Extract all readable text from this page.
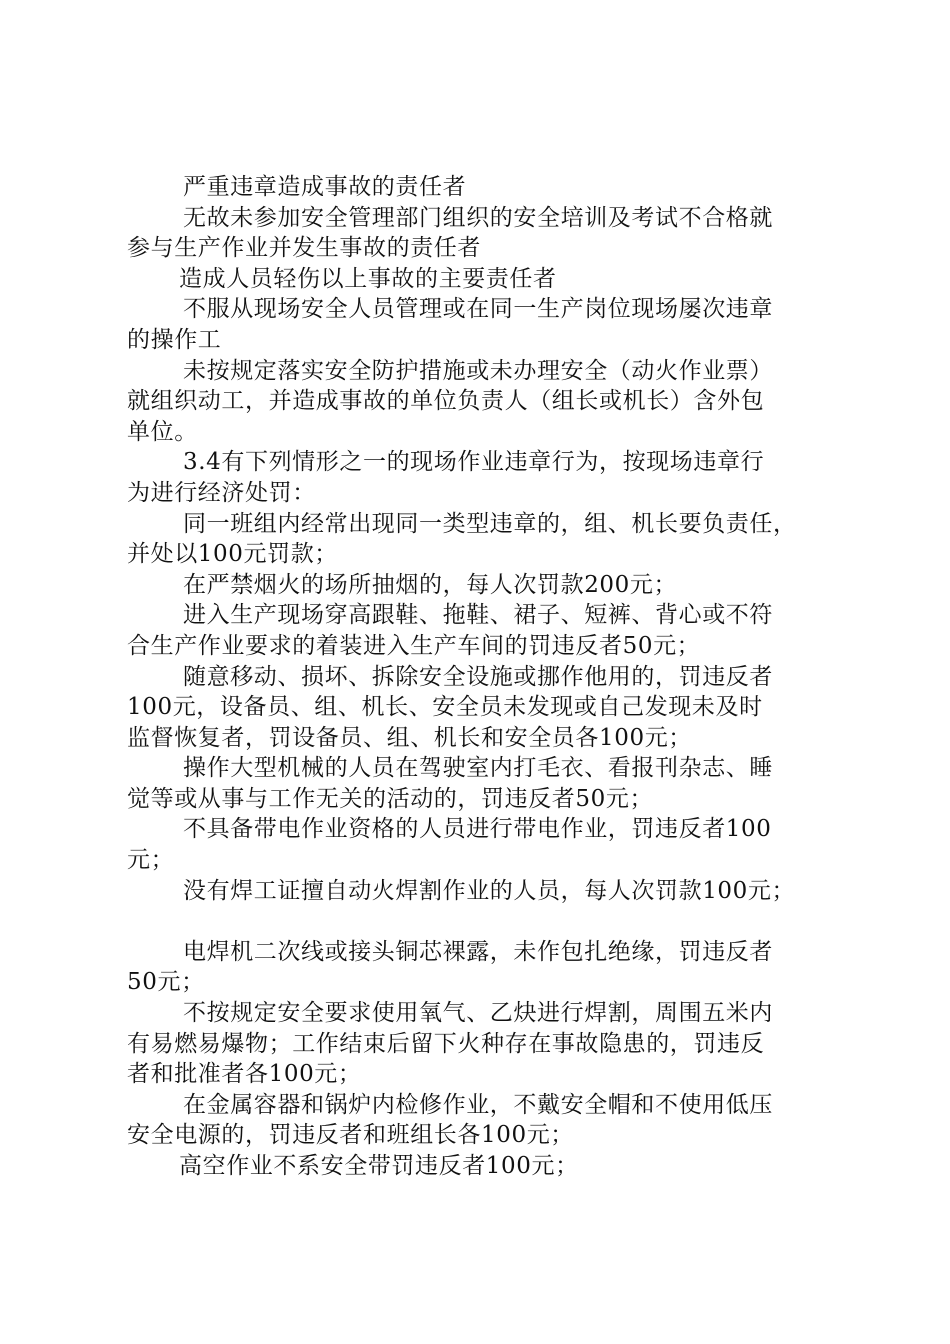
严重违章造成事故的责任者
无故未参加安全管理部门组织的安全培训及考试不合格就
参与生产作业并发生事故的责任者
造成人员轻伤以上事故的主要责任者
不服从现场安全人员管理或在同一生产岗位现场屡次违章
的操作工
未按规定落实安全防护措施或未办理安全（动火作业票）
就组织动工，并造成事故的单位负责人（组长或机长）含外包
单位。
3.4有下列情形之一的现场作业违章行为，按现场违章行
为进行经济处罚：
同一班组内经常出现同一类型违章的，组、机长要负责任，
并处以100元罚款；
在严禁烟火的场所抽烟的，每人次罚款200元；
进入生产现场穿高跟鞋、拖鞋、裙子、短裤、背心或不符
合生产作业要求的着装进入生产车间的罚违反者50元；
随意移动、损坏、拆除安全设施或挪作他用的，罚违反者
100元，设备员、组、机长、安全员未发现或自己发现未及时
监督恢复者，罚设备员、组、机长和安全员各100元；
操作大型机械的人员在驾驶室内打毛衣、看报刊杂志、睡
觉等或从事与工作无关的活动的，罚违反者50元；
不具备带电作业资格的人员进行带电作业，罚违反者100
元；
没有焊工证擅自动火焊割作业的人员，每人次罚款100元；
电焊机二次线或接头铜芯裸露，未作包扎绝缘，罚违反者
50元；
不按规定安全要求使用氧气、乙炔进行焊割，周围五米内
有易燃易爆物；工作结束后留下火种存在事故隐患的，罚违反
者和批准者各100元；
在金属容器和锅炉内检修作业，不戴安全帽和不使用低压
安全电源的，罚违反者和班组长各100元；
高空作业不系安全带罚违反者100元；
